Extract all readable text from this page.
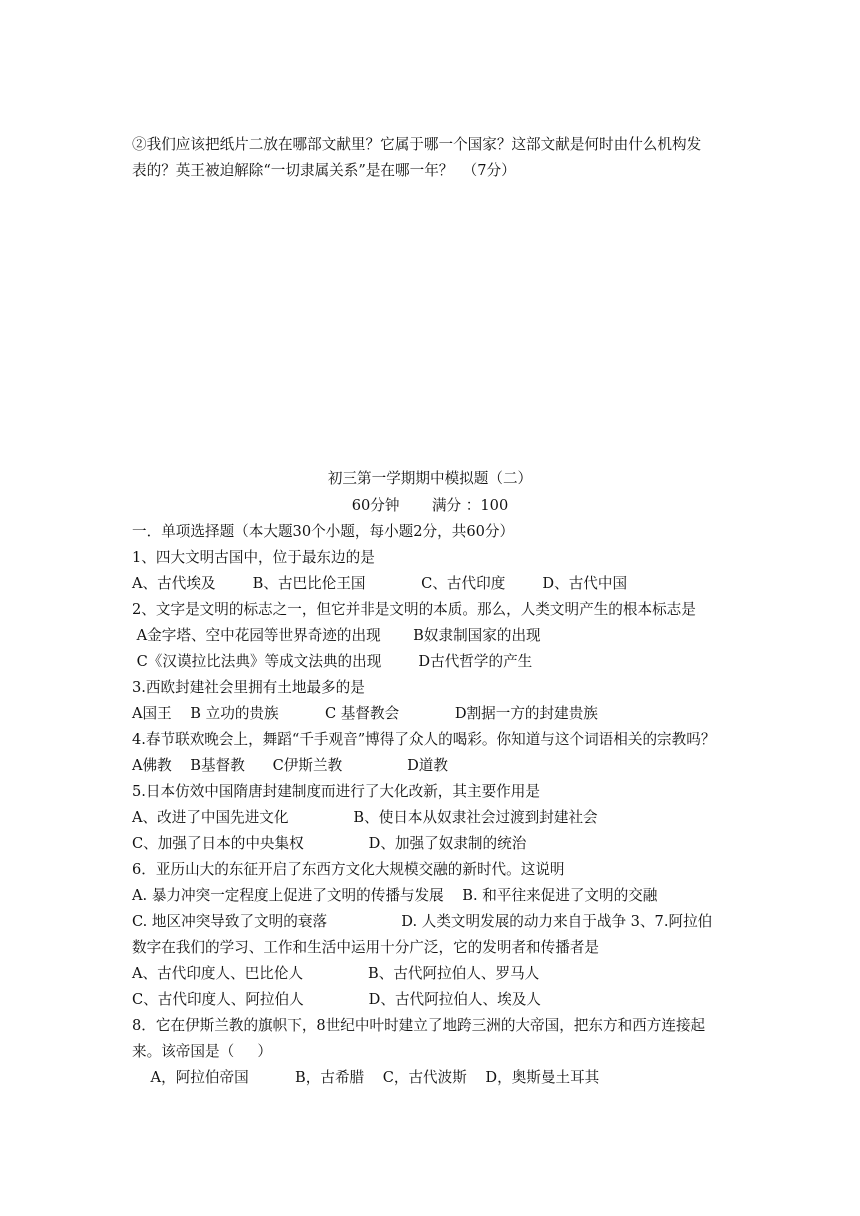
②我们应该把纸片二放在哪部文献里？它属于哪一个国家？这部文献是何时由什么机构发
表的？英王被迫解除“一切隶属关系”是在哪一年？  （7分）
初三第一学期期中模拟题（二）
60分钟       满分 ：100
一．单项选择题（本大题30个小题，每小题2分，共60分）
1、四大文明古国中，位于最东边的是
A、古代埃及        B、古巴比伦王国            C、古代印度        D、古代中国
2、文字是文明的标志之一，但它并非是文明的本质。那么，人类文明产生的根本标志是
A金字塔、空中花园等世界奇迹的出现       B奴隶制国家的出现
C《汉谟拉比法典》等成文法典的出现        D古代哲学的产生
3.西欧封建社会里拥有土地最多的是
A国王    B 立功的贵族          C 基督教会            D割据一方的封建贵族
4.春节联欢晚会上，舞蹈“千手观音”博得了众人的喝彩。你知道与这个词语相关的宗教吗？
A佛教    B基督教      C伊斯兰教              D道教
5.日本仿效中国隋唐封建制度而进行了大化改新，其主要作用是
A、改进了中国先进文化              B、使日本从奴隶社会过渡到封建社会
C、加强了日本的中央集权              D、加强了奴隶制的统治
6．亚历山大的东征开启了东西方文化大规模交融的新时代。这说明
A. 暴力冲突一定程度上促进了文明的传播与发展    B. 和平往来促进了文明的交融
C. 地区冲突导致了文明的衰落                D. 人类文明发展的动力来自于战争 3、7.阿拉伯
数字在我们的学习、工作和生活中运用十分广泛，它的发明者和传播者是
A、古代印度人、巴比伦人              B、古代阿拉伯人、罗马人
C、古代印度人、阿拉伯人              D、古代阿拉伯人、埃及人
8．它在伊斯兰教的旗帜下，8世纪中叶时建立了地跨三洲的大帝国，把东方和西方连接起
来。该帝国是（     ）
A，阿拉伯帝国          B，古希腊    C，古代波斯    D，奥斯曼土耳其
